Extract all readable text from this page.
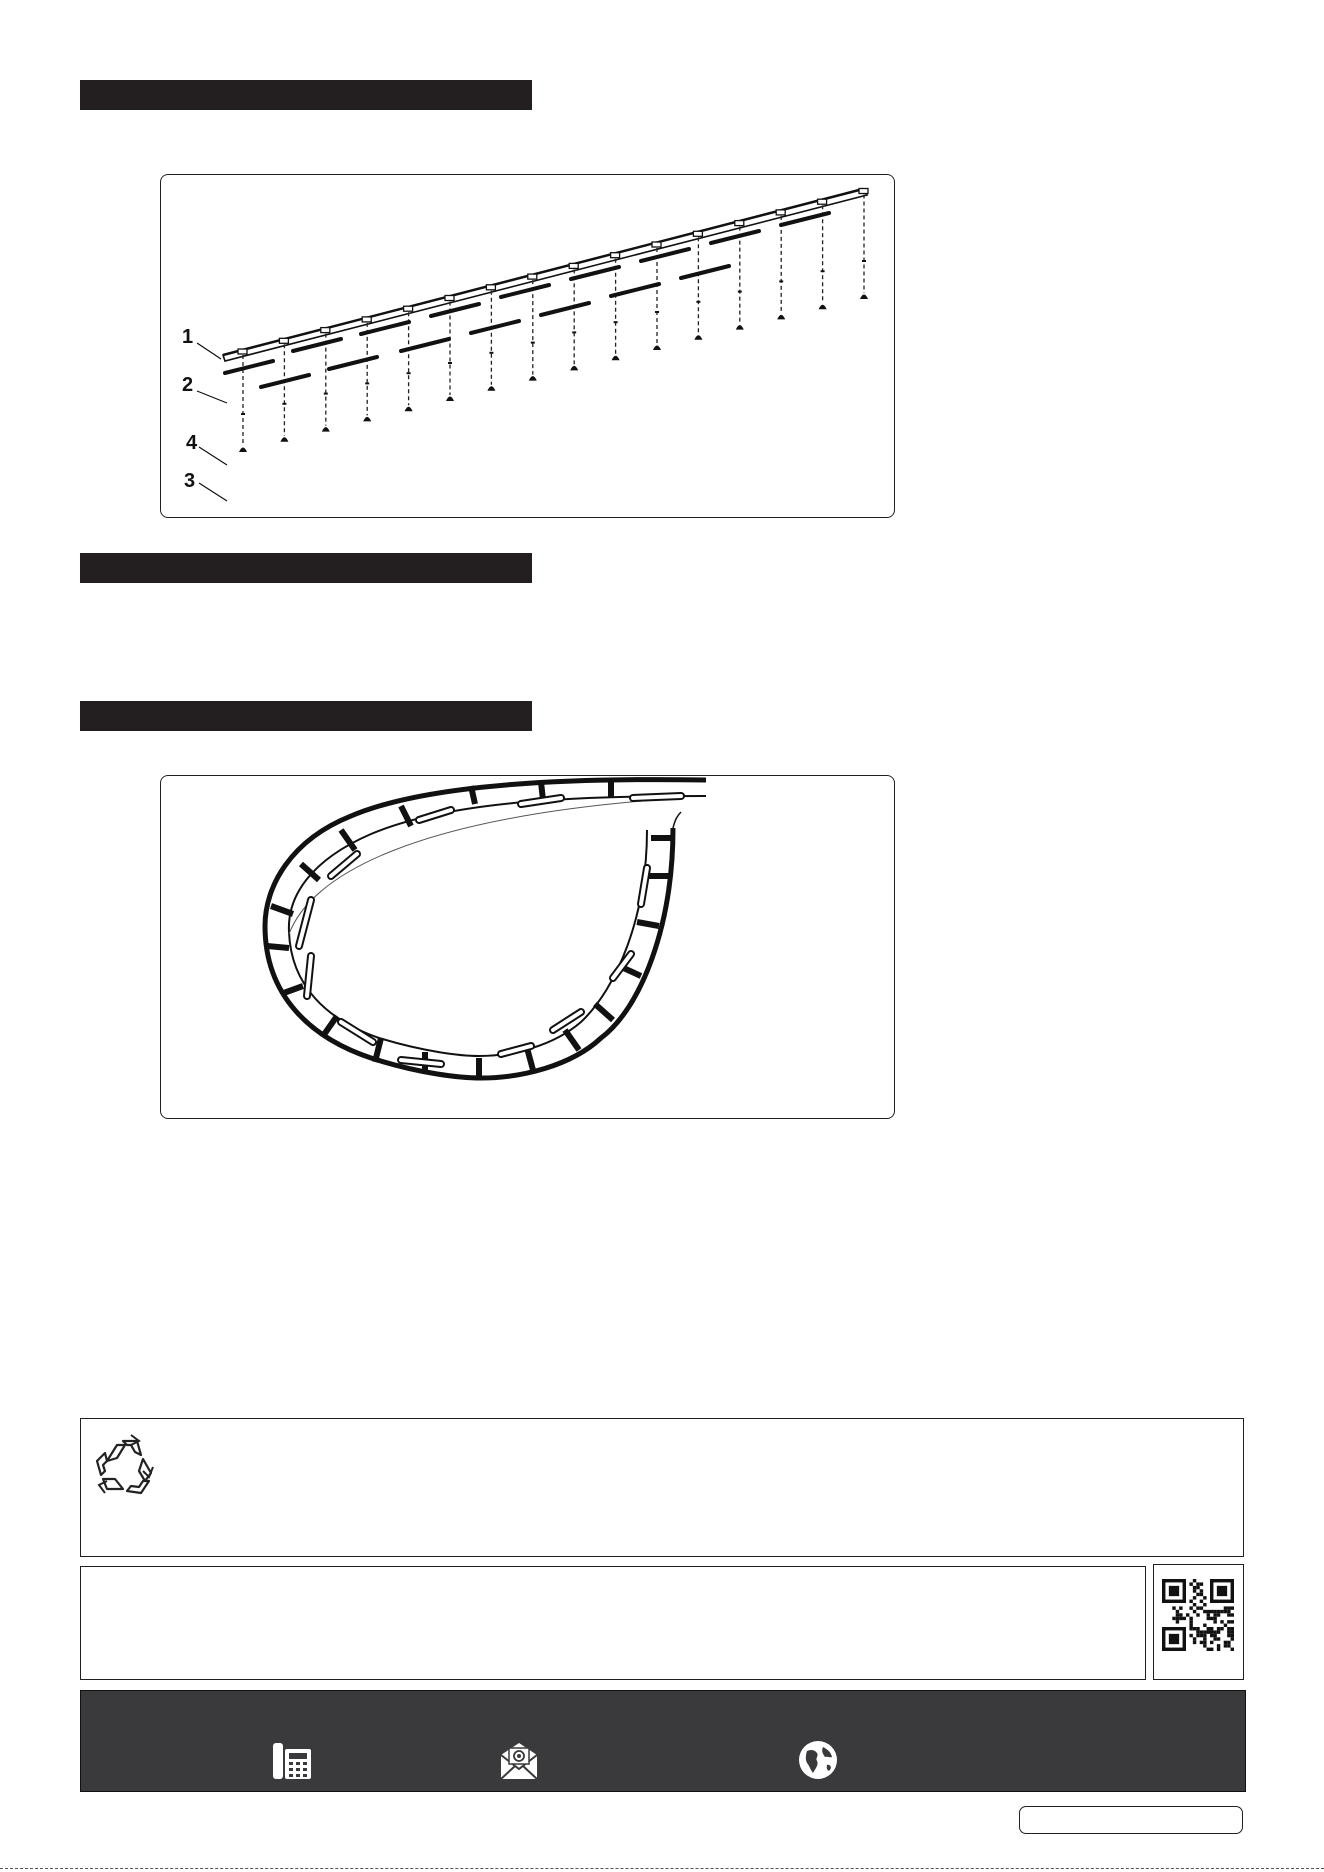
1
2
4
3
